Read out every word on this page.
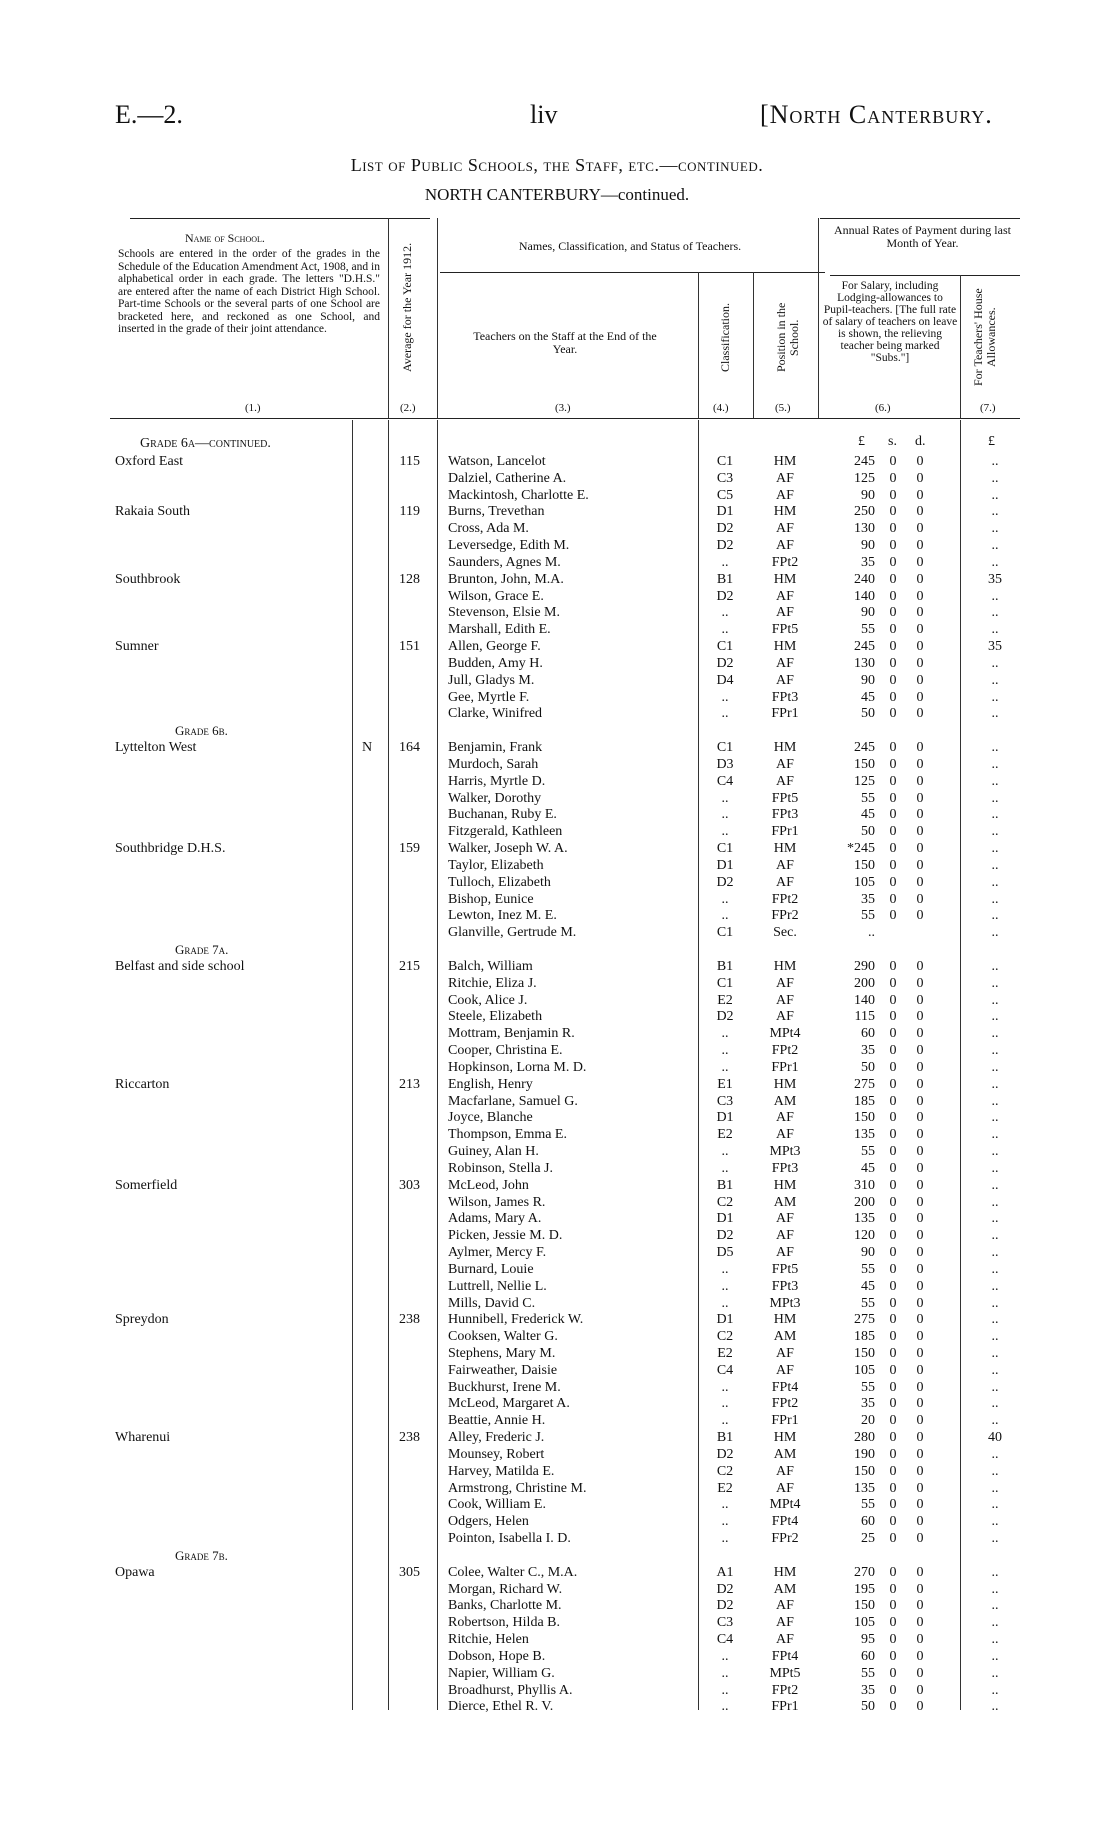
E.—2.	liv	[North Canterbury.
List of Public Schools, the Staff, etc.—continued.
NORTH CANTERBURY—continued.
Name of School.
Schools are entered in the order of the grades in the Schedule of the Education Amendment Act, 1908, and in alphabetical order in each grade. The letters "D.H.S." are entered after the name of each District High School. Part-time Schools or the several parts of one School are bracketed here, and reckoned as one School, and inserted in the grade of their joint attendance.	Average for the Year 1912.	Names, Classification, and Status of Teachers.
Teachers on the Staff at the End of the Year.	Classification.	Position in the School.
Annual Rates of Payment during last Month of Year.
For Salary, including Lodging-allowances to Pupil-teachers. [The full rate of salary of teachers on leave is shown, the relieving teacher being marked "Subs."]	For Teachers' House Allowances.
(1.)	(2.)	(3.)	(4.)	(5.)	(6.)	(7.)
£ s. d.	£
Grade 6a—continued.
Oxford East	115 Watson, Lancelot	C1	HM	245	0	0	..
Dalziel, Catherine A.	C3	AF	125	0	0	..
Mackintosh, Charlotte E.	C5	AF	90	0	0	..
Rakaia South	119 Burns, Trevethan	D1	HM	250	0	0	..
Cross, Ada M.	D2	AF	130	0	0	..
Leversedge, Edith M.	D2	AF	90	0	0	..
Saunders, Agnes M.	..	FPt2	35	0	0	..
Southbrook	128 Brunton, John, M.A.	B1	HM	240	0	0	35
Wilson, Grace E.	D2	AF	140	0	0	..
Stevenson, Elsie M.	..	AF	90	0	0	..
Marshall, Edith E.	..	FPt5	55	0	0	..
Sumner	151 Allen, George F.	C1	HM	245	0	0	35
Budden, Amy H.	D2	AF	130	0	0	..
Jull, Gladys M.	D4	AF	90	0	0	..
Gee, Myrtle F.	..	FPt3	45	0	0	..
Clarke, Winifred	..	FPr1	50	0	0	..
Grade 6b.
Lyttelton West	N	164 Benjamin, Frank	C1	HM	245	0	0	..
Murdoch, Sarah	D3	AF	150	0	0	..
Harris, Myrtle D.	C4	AF	125	0	0	..
Walker, Dorothy	..	FPt5	55	0	0	..
Buchanan, Ruby E.	..	FPt3	45	0	0	..
Fitzgerald, Kathleen	..	FPr1	50	0	0	..
Southbridge D.H.S.	159 Walker, Joseph W. A.	C1	HM	*245	0	0	..
Taylor, Elizabeth	D1	AF	150	0	0	..
Tulloch, Elizabeth	D2	AF	105	0	0	..
Bishop, Eunice	..	FPt2	35	0	0	..
Lewton, Inez M. E.	..	FPr2	55	0	0	..
Glanville, Gertrude M.	C1	Sec.	..	..
Grade 7a.
Belfast and side school	215 Balch, William	B1	HM	290	0	0	..
Ritchie, Eliza J.	C1	AF	200	0	0	..
Cook, Alice J.	E2	AF	140	0	0	..
Steele, Elizabeth	D2	AF	115	0	0	..
Mottram, Benjamin R.	..	MPt4	60	0	0	..
Cooper, Christina E.	..	FPt2	35	0	0	..
Hopkinson, Lorna M. D.	..	FPr1	50	0	0	..
Riccarton	213 English, Henry	E1	HM	275	0	0	..
Macfarlane, Samuel G.	C3	AM	185	0	0	..
Joyce, Blanche	D1	AF	150	0	0	..
Thompson, Emma E.	E2	AF	135	0	0	..
Guiney, Alan H.	..	MPt3	55	0	0	..
Robinson, Stella J.	..	FPt3	45	0	0	..
Somerfield	303 McLeod, John	B1	HM	310	0	0	..
Wilson, James R.	C2	AM	200	0	0	..
Adams, Mary A.	D1	AF	135	0	0	..
Picken, Jessie M. D.	D2	AF	120	0	0	..
Aylmer, Mercy F.	D5	AF	90	0	0	..
Burnard, Louie	..	FPt5	55	0	0	..
Luttrell, Nellie L.	..	FPt3	45	0	0	..
Mills, David C.	..	MPt3	55	0	0	..
Spreydon	238 Hunnibell, Frederick W.	D1	HM	275	0	0	..
Cooksen, Walter G.	C2	AM	185	0	0	..
Stephens, Mary M.	E2	AF	150	0	0	..
Fairweather, Daisie	C4	AF	105	0	0	..
Buckhurst, Irene M.	..	FPt4	55	0	0	..
McLeod, Margaret A.	..	FPt2	35	0	0	..
Beattie, Annie H.	..	FPr1	20	0	0	..
Wharenui	238 Alley, Frederic J.	B1	HM	280	0	0	40
Mounsey, Robert	D2	AM	190	0	0	..
Harvey, Matilda E.	C2	AF	150	0	0	..
Armstrong, Christine M.	E2	AF	135	0	0	..
Cook, William E.	..	MPt4	55	0	0	..
Odgers, Helen	..	FPt4	60	0	0	..
Pointon, Isabella I. D.	..	FPr2	25	0	0	..
Grade 7b.
Opawa	305 Colee, Walter C., M.A.	A1	HM	270	0	0	..
Morgan, Richard W.	D2	AM	195	0	0	..
Banks, Charlotte M.	D2	AF	150	0	0	..
Robertson, Hilda B.	C3	AF	105	0	0	..
Ritchie, Helen	C4	AF	95	0	0	..
Dobson, Hope B.	..	FPt4	60	0	0	..
Napier, William G.	..	MPt5	55	0	0	..
Broadhurst, Phyllis A.	..	FPt2	35	0	0	..
Dierce, Ethel R. V.	..	FPr1	50	0	0	..
